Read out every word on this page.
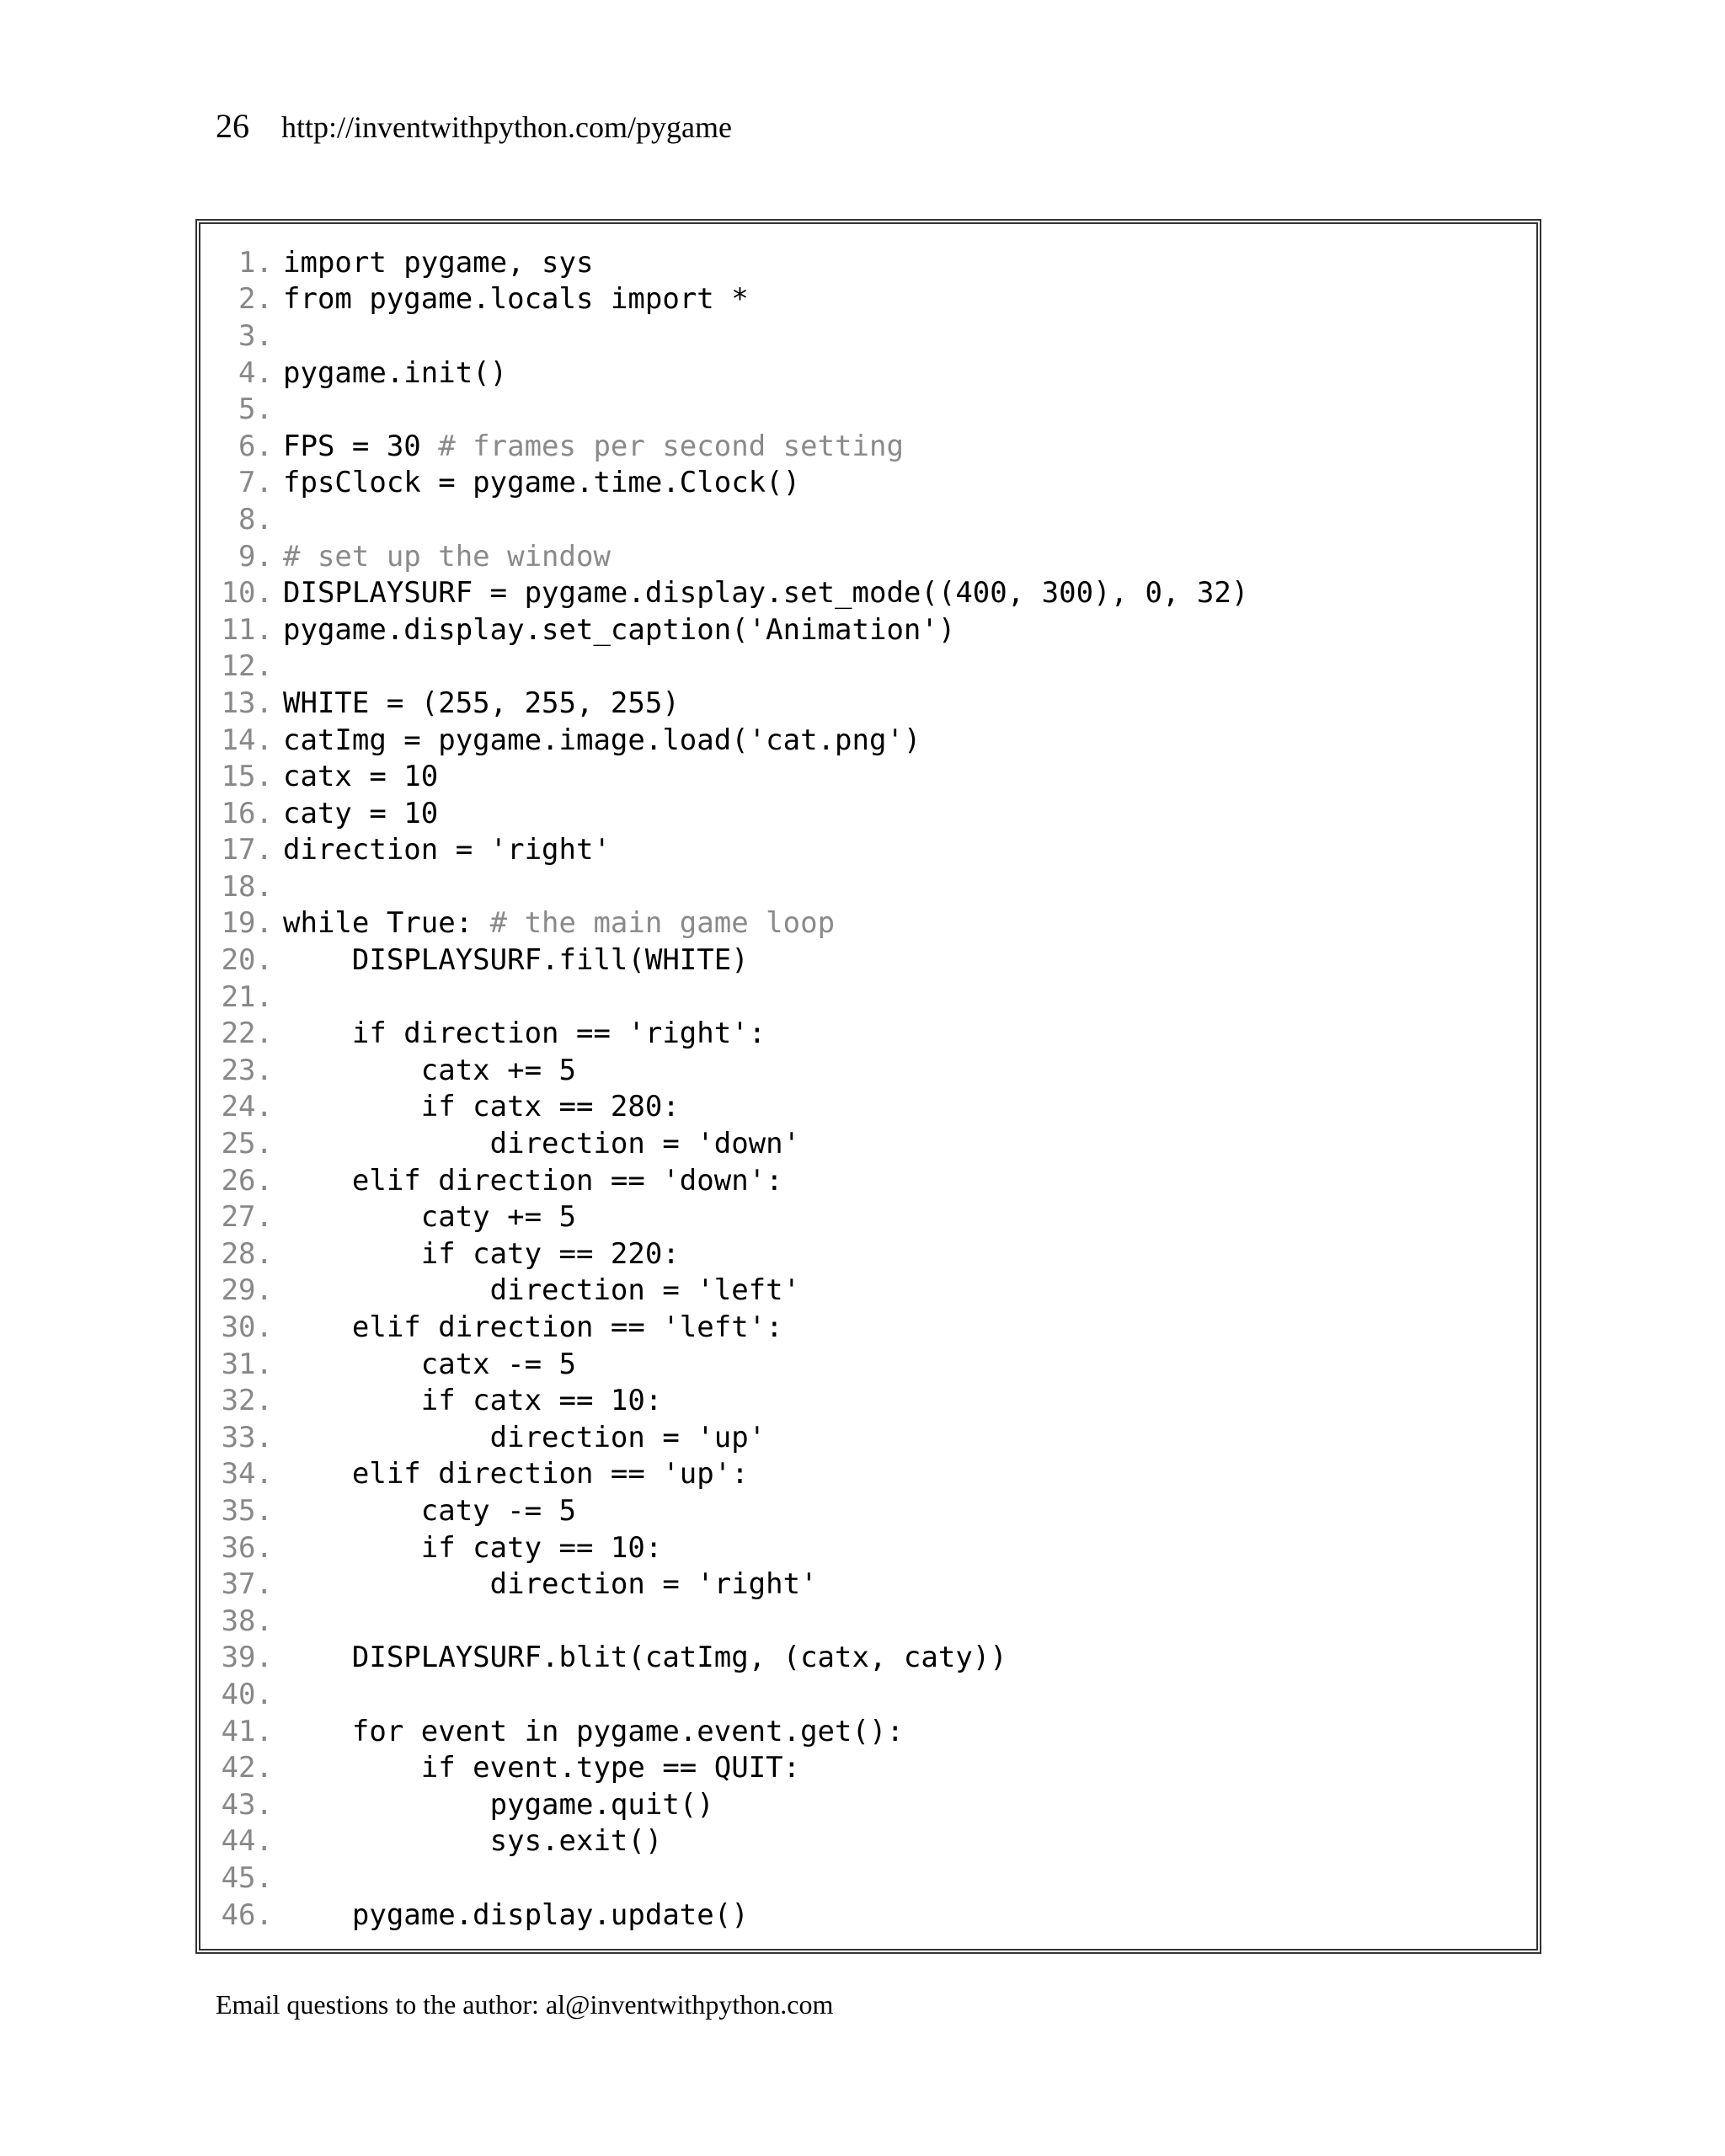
26 http://inventwithpython.com/pygame
1. import pygame, sys
2. from pygame.locals import *
3.
4. pygame.init()
5.
6. FPS = 30 # frames per second setting
7. fpsClock = pygame.time.Clock()
8.
9. # set up the window
10. DISPLAYSURF = pygame.display.set_mode((400, 300), 0, 32)
11. pygame.display.set_caption('Animation')
12.
13. WHITE = (255, 255, 255)
14. catImg = pygame.image.load('cat.png')
15. catx = 10
16. caty = 10
17. direction = 'right'
18.
19. while True: # the main game loop
20. DISPLAYSURF.fill(WHITE)
21.
22. if direction == 'right':
23. catx += 5
24. if catx == 280:
25. direction = 'down'
26. elif direction == 'down':
27. caty += 5
28. if caty == 220:
29. direction = 'left'
30. elif direction == 'left':
31. catx -= 5
32. if catx == 10:
33. direction = 'up'
34. elif direction == 'up':
35. caty -= 5
36. if caty == 10:
37. direction = 'right'
38.
39. DISPLAYSURF.blit(catImg, (catx, caty))
40.
41. for event in pygame.event.get():
42. if event.type == QUIT:
43. pygame.quit()
44. sys.exit()
45.
46. pygame.display.update()
Email questions to the author: al@inventwithpython.com
